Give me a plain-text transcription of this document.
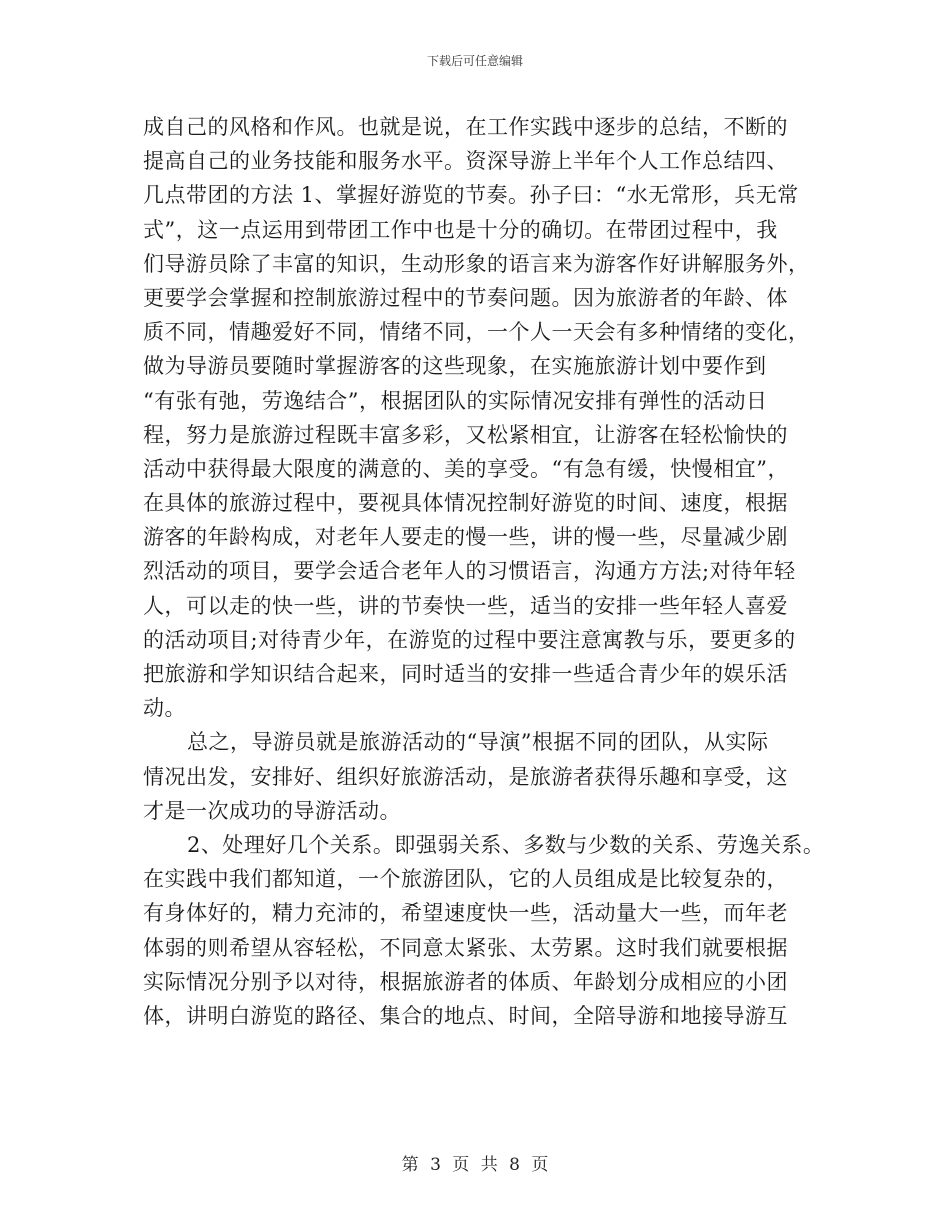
下载后可任意编辑
成自己的风格和作风。也就是说，在工作实践中逐步的总结，不断的
提高自己的业务技能和服务水平。资深导游上半年个人工作总结四、
几点带团的方法 1、掌握好游览的节奏。孙子曰：“水无常形，兵无常
式”，这一点运用到带团工作中也是十分的确切。在带团过程中，我
们导游员除了丰富的知识，生动形象的语言来为游客作好讲解服务外，
更要学会掌握和控制旅游过程中的节奏问题。因为旅游者的年龄、体
质不同，情趣爱好不同，情绪不同，一个人一天会有多种情绪的变化，
做为导游员要随时掌握游客的这些现象，在实施旅游计划中要作到
“有张有弛，劳逸结合”，根据团队的实际情况安排有弹性的活动日
程，努力是旅游过程既丰富多彩，又松紧相宜，让游客在轻松愉快的
活动中获得最大限度的满意的、美的享受。“有急有缓，快慢相宜”，
在具体的旅游过程中，要视具体情况控制好游览的时间、速度，根据
游客的年龄构成，对老年人要走的慢一些，讲的慢一些，尽量减少剧
烈活动的项目，要学会适合老年人的习惯语言，沟通方方法;对待年轻
人，可以走的快一些，讲的节奏快一些，适当的安排一些年轻人喜爱
的活动项目;对待青少年，在游览的过程中要注意寓教与乐，要更多的
把旅游和学知识结合起来，同时适当的安排一些适合青少年的娱乐活
动。
总之，导游员就是旅游活动的“导演”根据不同的团队，从实际
情况出发，安排好、组织好旅游活动，是旅游者获得乐趣和享受，这
才是一次成功的导游活动。
2、处理好几个关系。即强弱关系、多数与少数的关系、劳逸关系。
在实践中我们都知道，一个旅游团队，它的人员组成是比较复杂的，
有身体好的，精力充沛的，希望速度快一些，活动量大一些，而年老
体弱的则希望从容轻松，不同意太紧张、太劳累。这时我们就要根据
实际情况分别予以对待，根据旅游者的体质、年龄划分成相应的小团
体，讲明白游览的路径、集合的地点、时间，全陪导游和地接导游互
第 3 页 共 8 页
